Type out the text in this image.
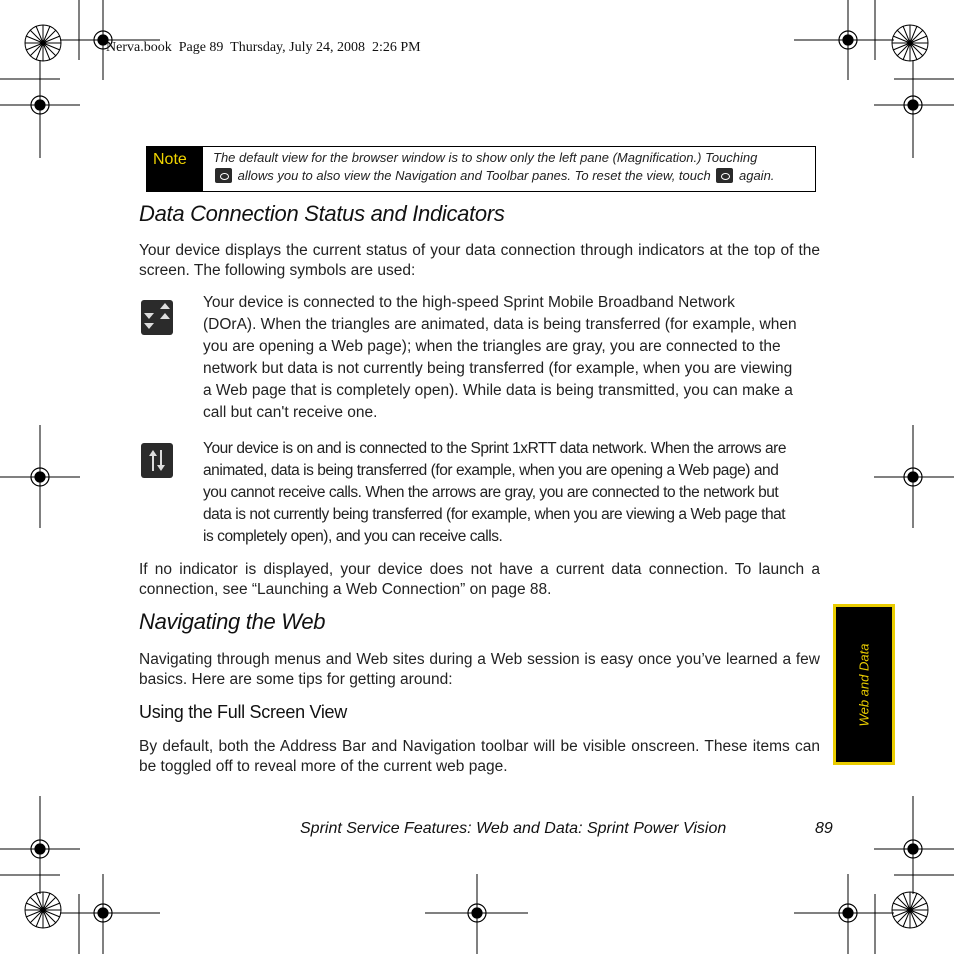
Nerva.book  Page 89  Thursday, July 24, 2008  2:26 PM
Note	The default view for the browser window is to show only the left pane (Magnification.) Touching
allows you to also view the Navigation and Toolbar panes. To reset the view, touch again.
Data Connection Status and Indicators

Your device displays the current status of your data connection through indicators at the top of the screen. The following symbols are used:

Your device is connected to the high-speed Sprint Mobile Broadband Network

(DOrA). When the triangles are animated, data is being transferred (for example, when

you are opening a Web page); when the triangles are gray, you are connected to the

network but data is not currently being transferred (for example, when you are viewing

a Web page that is completely open). While data is being transmitted, you can make a

call but can't receive one.

Your device is on and is connected to the Sprint 1xRTT data network. When the arrows are

animated, data is being transferred (for example, when you are opening a Web page) and

you cannot receive calls. When the arrows are gray, you are connected to the network but

data is not currently being transferred (for example, when you are viewing a Web page that

is completely open), and you can receive calls.

If no indicator is displayed, your device does not have a current data connection. To launch a connection, see “Launching a Web Connection” on page 88.

Navigating the Web

Navigating through menus and Web sites during a Web session is easy once you’ve learned a few basics. Here are some tips for getting around:

Using the Full Screen View

By default, both the Address Bar and Navigation toolbar will be visible onscreen. These items can be toggled off to reveal more of the current web page.

Web and Data
Sprint Service Features: Web and Data: Sprint Power Vision	89
